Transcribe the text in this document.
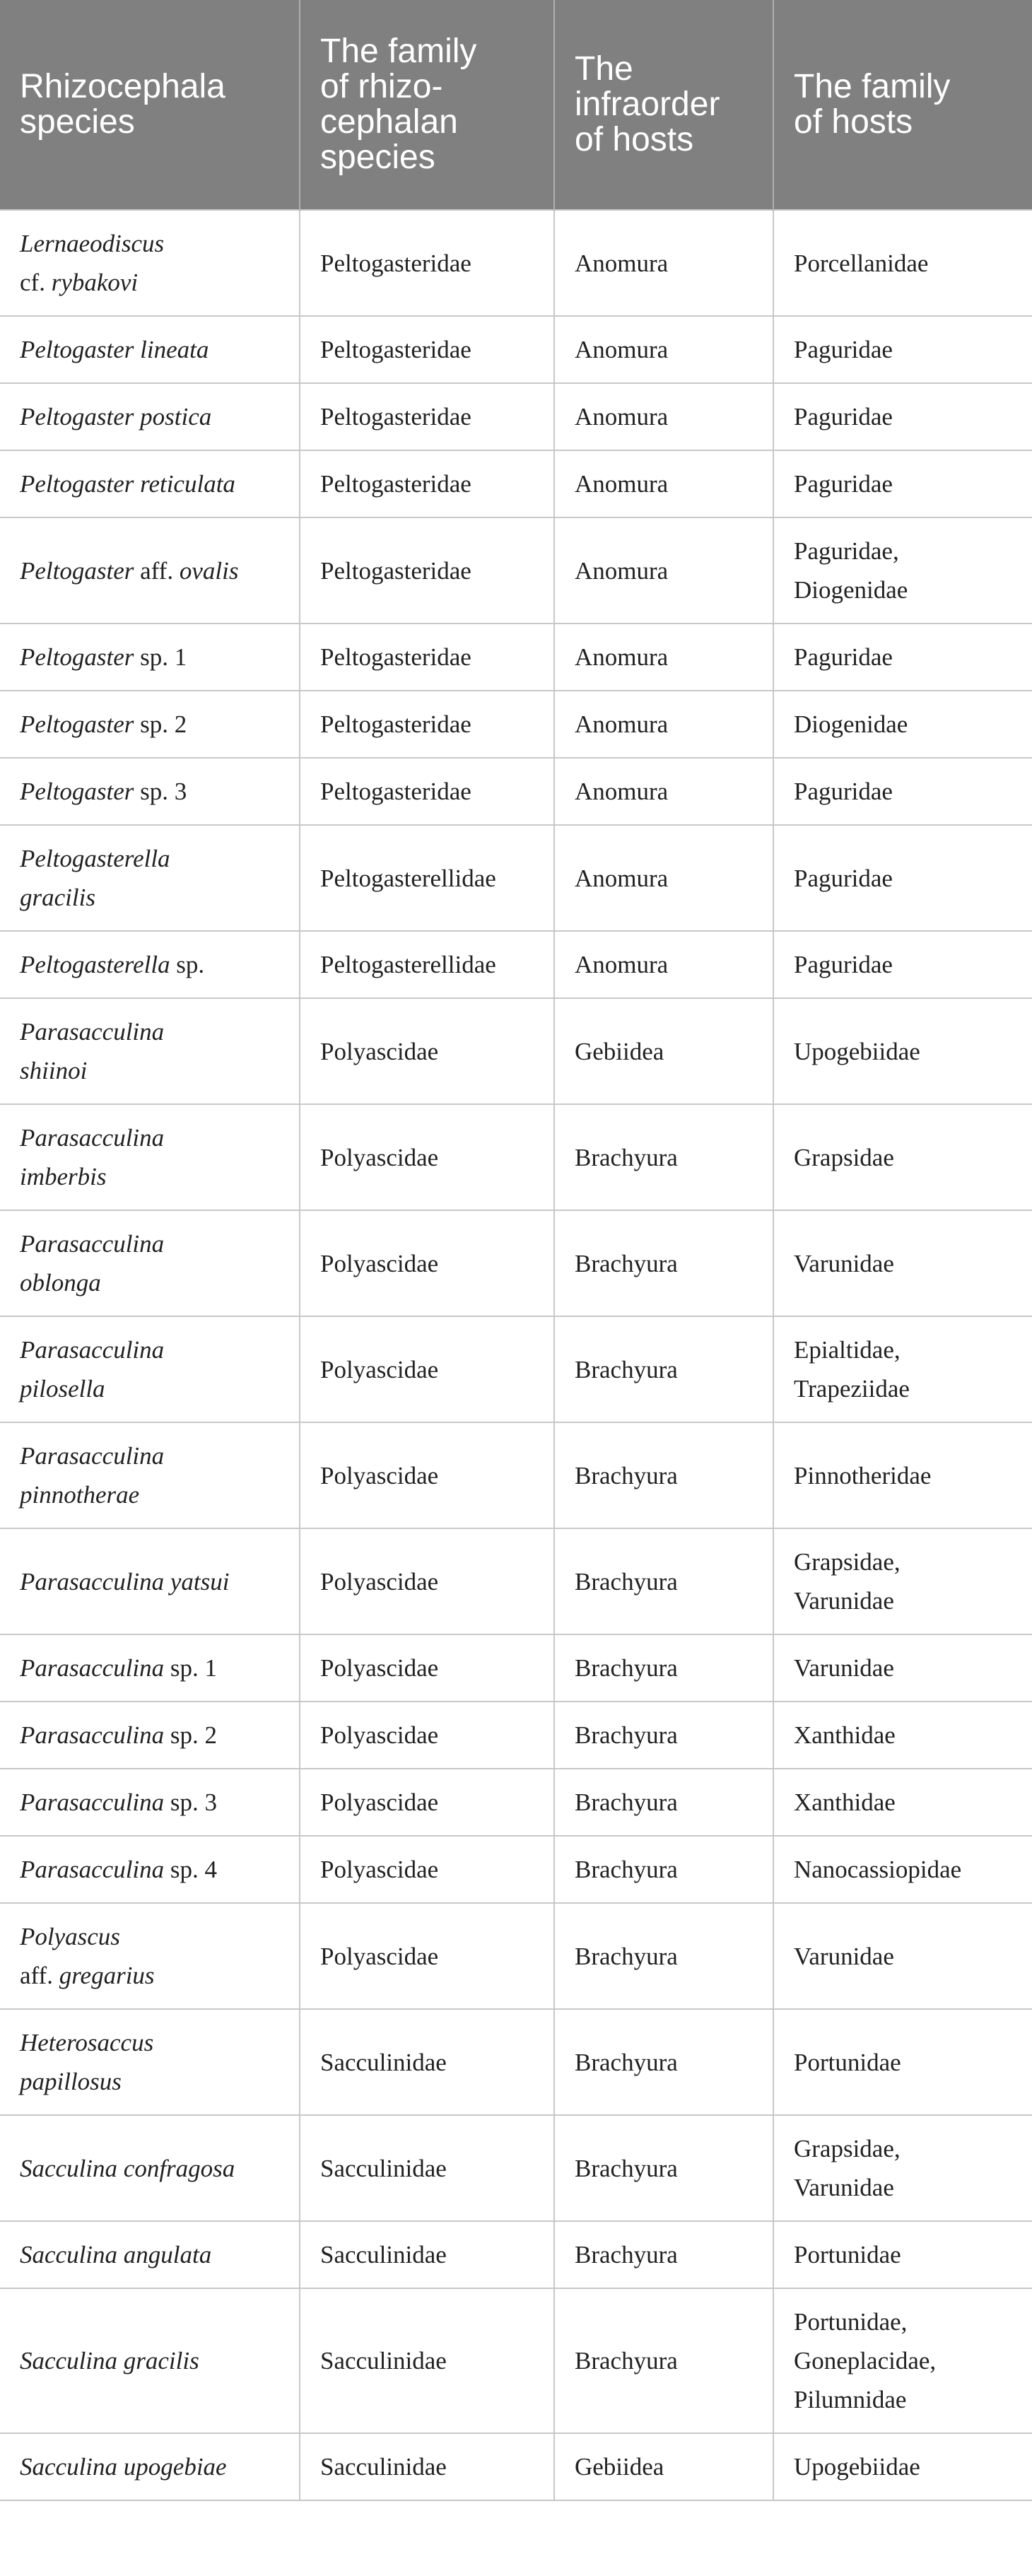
Rhizocephala
species	The family
of rhizo-
cephalan
species	The
infraorder
of hosts	The family
of hosts
Lernaeodiscus
cf. rybakovi	Peltogasteridae	Anomura	Porcellanidae
Peltogaster lineata	Peltogasteridae	Anomura	Paguridae
Peltogaster postica	Peltogasteridae	Anomura	Paguridae
Peltogaster reticulata	Peltogasteridae	Anomura	Paguridae
Peltogaster aff. ovalis	Peltogasteridae	Anomura	Paguridae,
Diogenidae
Peltogaster sp. 1	Peltogasteridae	Anomura	Paguridae
Peltogaster sp. 2	Peltogasteridae	Anomura	Diogenidae
Peltogaster sp. 3	Peltogasteridae	Anomura	Paguridae
Peltogasterella
gracilis	Peltogasterellidae	Anomura	Paguridae
Peltogasterella sp.	Peltogasterellidae	Anomura	Paguridae
Parasacculina
shiinoi	Polyascidae	Gebiidea	Upogebiidae
Parasacculina
imberbis	Polyascidae	Brachyura	Grapsidae
Parasacculina
oblonga	Polyascidae	Brachyura	Varunidae
Parasacculina
pilosella	Polyascidae	Brachyura	Epialtidae,
Trapeziidae
Parasacculina
pinnotherae	Polyascidae	Brachyura	Pinnotheridae
Parasacculina yatsui	Polyascidae	Brachyura	Grapsidae,
Varunidae
Parasacculina sp. 1	Polyascidae	Brachyura	Varunidae
Parasacculina sp. 2	Polyascidae	Brachyura	Xanthidae
Parasacculina sp. 3	Polyascidae	Brachyura	Xanthidae
Parasacculina sp. 4	Polyascidae	Brachyura	Nanocassiopidae
Polyascus
aff. gregarius	Polyascidae	Brachyura	Varunidae
Heterosaccus
papillosus	Sacculinidae	Brachyura	Portunidae
Sacculina confragosa	Sacculinidae	Brachyura	Grapsidae,
Varunidae
Sacculina angulata	Sacculinidae	Brachyura	Portunidae
Sacculina gracilis	Sacculinidae	Brachyura	Portunidae,
Goneplacidae,
Pilumnidae
Sacculina upogebiae	Sacculinidae	Gebiidea	Upogebiidae
